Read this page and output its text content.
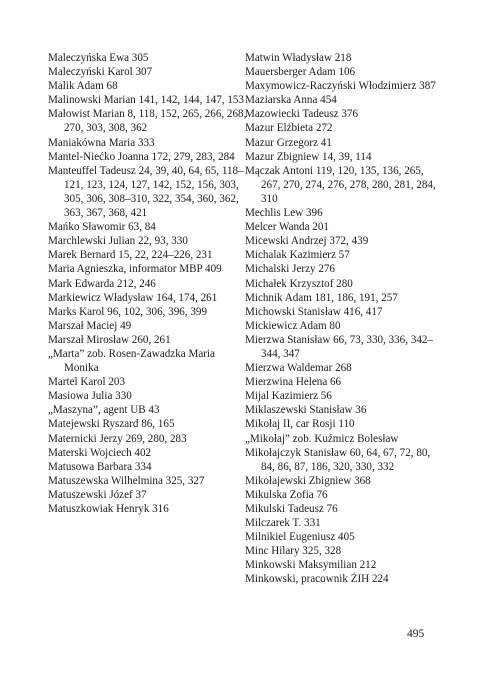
Maleczyńska Ewa 305
Maleczyński Karol 307
Malik Adam 68
Malinowski Marian 141, 142, 144, 147, 153
Małowist Marian 8, 118, 152, 265, 266, 268, 270, 303, 308, 362
Maniakówna Maria 333
Mantel-Niećko Joanna 172, 279, 283, 284
Manteuffel Tadeusz 24, 39, 40, 64, 65, 118–121, 123, 124, 127, 142, 152, 156, 303, 305, 306, 308–310, 322, 354, 360, 362, 363, 367, 368, 421
Mańko Sławomir 63, 84
Marchlewski Julian 22, 93, 330
Marek Bernard 15, 22, 224–226, 231
Maria Agnieszka, informator MBP 409
Mark Edwarda 212, 246
Markiewicz Władysław 164, 174, 261
Marks Karol 96, 102, 306, 396, 399
Marszał Maciej 49
Marszał Mirosław 260, 261
„Marta” zob. Rosen-Zawadzka Maria Monika
Martel Karol 203
Masiowa Julia 330
„Maszyna”, agent UB 43
Matejewski Ryszard 86, 165
Maternicki Jerzy 269, 280, 283
Materski Wojciech 402
Matusowa Barbara 334
Matuszewska Wilhelmina 325, 327
Matuszewski Józef 37
Matuszkowiak Henryk 316
Matwin Władysław 218
Mauersberger Adam 106
Maxymowicz-Raczyński Włodzimierz 387
Maziarska Anna 454
Mazowiecki Tadeusz 376
Mazur Elżbieta 272
Mazur Grzegorz 41
Mazur Zbigniew 14, 39, 114
Mączak Antoni 119, 120, 135, 136, 265, 267, 270, 274, 276, 278, 280, 281, 284, 310
Mechlis Lew 396
Melcer Wanda 201
Micewski Andrzej 372, 439
Michalak Kazimierz 57
Michalski Jerzy 276
Michałek Krzysztof 280
Michnik Adam 181, 186, 191, 257
Michowski Stanisław 416, 417
Mickiewicz Adam 80
Mierzwa Stanisław 66, 73, 330, 336, 342–344, 347
Mierzwa Waldemar 268
Mierzwina Helena 66
Mijal Kazimierz 56
Miklaszewski Stanisław 36
Mikołaj II, car Rosji 110
„Mikołaj” zob. Kuźmicz Bolesław
Mikołajczyk Stanisław 60, 64, 67, 72, 80, 84, 86, 87, 186, 320, 330, 332
Mikołajewski Zbigniew 368
Mikulska Zofia 76
Mikulski Tadeusz 76
Milczarek T. 331
Milnikiel Eugeniusz 405
Minc Hilary 325, 328
Minkowski Maksymilian 212
Minkowski, pracownik ŻIH 224
495
